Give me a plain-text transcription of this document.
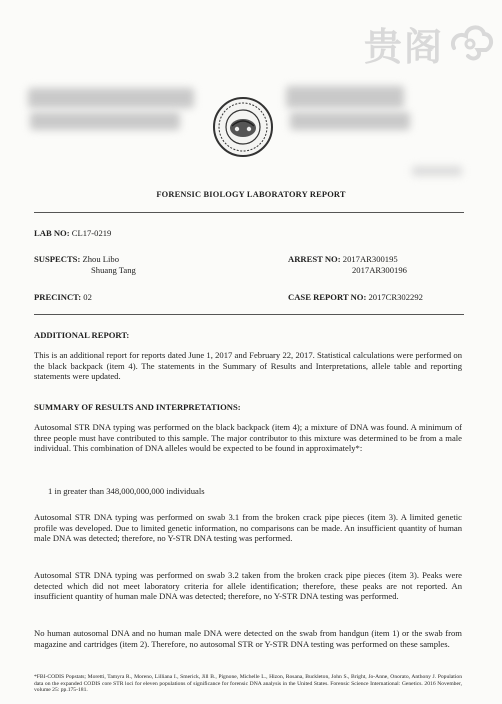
贵阁
FORENSIC BIOLOGY LABORATORY REPORT
LAB NO: CL17-0219
SUSPECTS: Zhou Libo
Shuang Tang
ARREST NO: 2017AR300195
2017AR300196
PRECINCT: 02	CASE REPORT NO: 2017CR302292
ADDITIONAL REPORT:
This is an additional report for reports dated June 1, 2017 and February 22, 2017. Statistical calculations were performed on the black backpack (item 4). The statements in the Summary of Results and Interpretations, allele table and reporting statements were updated.
SUMMARY OF RESULTS AND INTERPRETATIONS:
Autosomal STR DNA typing was performed on the black backpack (item 4); a mixture of DNA was found. A minimum of three people must have contributed to this sample. The major contributor to this mixture was determined to be from a male individual. This combination of DNA alleles would be expected to be found in approximately*:
1 in greater than 348,000,000,000 individuals
Autosomal STR DNA typing was performed on swab 3.1 from the broken crack pipe pieces (item 3). A limited genetic profile was developed. Due to limited genetic information, no comparisons can be made. An insufficient quantity of human male DNA was detected; therefore, no Y-STR DNA testing was performed.
Autosomal STR DNA typing was performed on swab 3.2 taken from the broken crack pipe pieces (item 3). Peaks were detected which did not meet laboratory criteria for allele identification; therefore, these peaks are not reported. An insufficient quantity of human male DNA was detected; therefore, no Y-STR DNA testing was performed.
No human autosomal DNA and no human male DNA were detected on the swab from handgun (item 1) or the swab from magazine and cartridges (item 2). Therefore, no autosomal STR or Y-STR DNA testing was performed on these samples.
*FBI-CODIS Popstats; Moretti, Tamyra R., Moreno, Lilliana I., Smerick, Jill B., Pignone, Michelle L., Hizon, Rosana, Buckleton, John S., Bright, Jo-Anne, Onorato, Anthony J. Population data on the expanded CODIS core STR loci for eleven populations of significance for forensic DNA analysis in the United States. Forensic Science International: Genetics. 2016 November, volume 25: pp.175-181.
